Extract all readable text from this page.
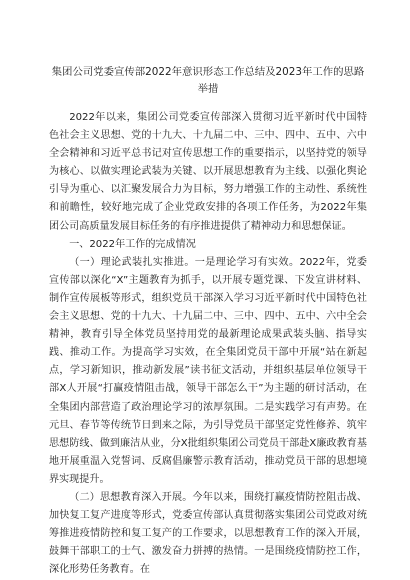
集团公司党委宣传部2022年意识形态工作总结及2023年工作的思路举措

2022年以来，集团公司党委宣传部深入贯彻习近平新时代中国特色社会主义思想、党的十九大、十九届二中、三中、四中、五中、六中全会精神和习近平总书记对宣传思想工作的重要指示，以坚持党的领导为核心、以做实理论武装为关键、以开展思想教育为主线、以强化舆论引导为重心、以汇聚发展合力为目标，努力增强工作的主动性、系统性和前瞻性，较好地完成了企业党政安排的各项工作任务，为2022年集团公司高质量发展目标任务的有序推进提供了精神动力和思想保证。

一、2022年工作的完成情况

（一）理论武装扎实推进。一是理论学习有实效。2022年，党委宣传部以深化“X”主题教育为抓手，以开展专题党课、下发宣讲材料、制作宣传展板等形式，组织党员干部深入学习习近平新时代中国特色社会主义思想、党的十九大、十九届二中、三中、四中、五中、六中全会精神，教育引导全体党员坚持用党的最新理论成果武装头脑、指导实践、推动工作。为提高学习实效，在全集团党员干部中开展“站在新起点，学习新知识，推动新发展”读书征文活动，并组织基层单位领导干部X人开展“打赢疫情阻击战，领导干部怎么干”为主题的研讨活动，在全集团内部营造了政治理论学习的浓厚氛围。二是实践学习有声势。在元旦、春节等传统节日到来之际，为引导党员干部坚定党性修养、筑牢思想防线、做到廉洁从业，分X批组织集团公司党员干部赴X廉政教育基地开展重温入党誓词、反腐倡廉警示教育活动，推动党员干部的思想境界实现提升。

（二）思想教育深入开展。今年以来，围绕打赢疫情防控阻击战、加快复工复产进度等形式，党委宣传部认真贯彻落实集团公司党政对统筹推进疫情防控和复工复产的工作要求，以思想教育工作的深入开展，鼓舞干部职工的士气、激发奋力拼搏的热情。一是围绕疫情防控工作，深化形势任务教育。在
